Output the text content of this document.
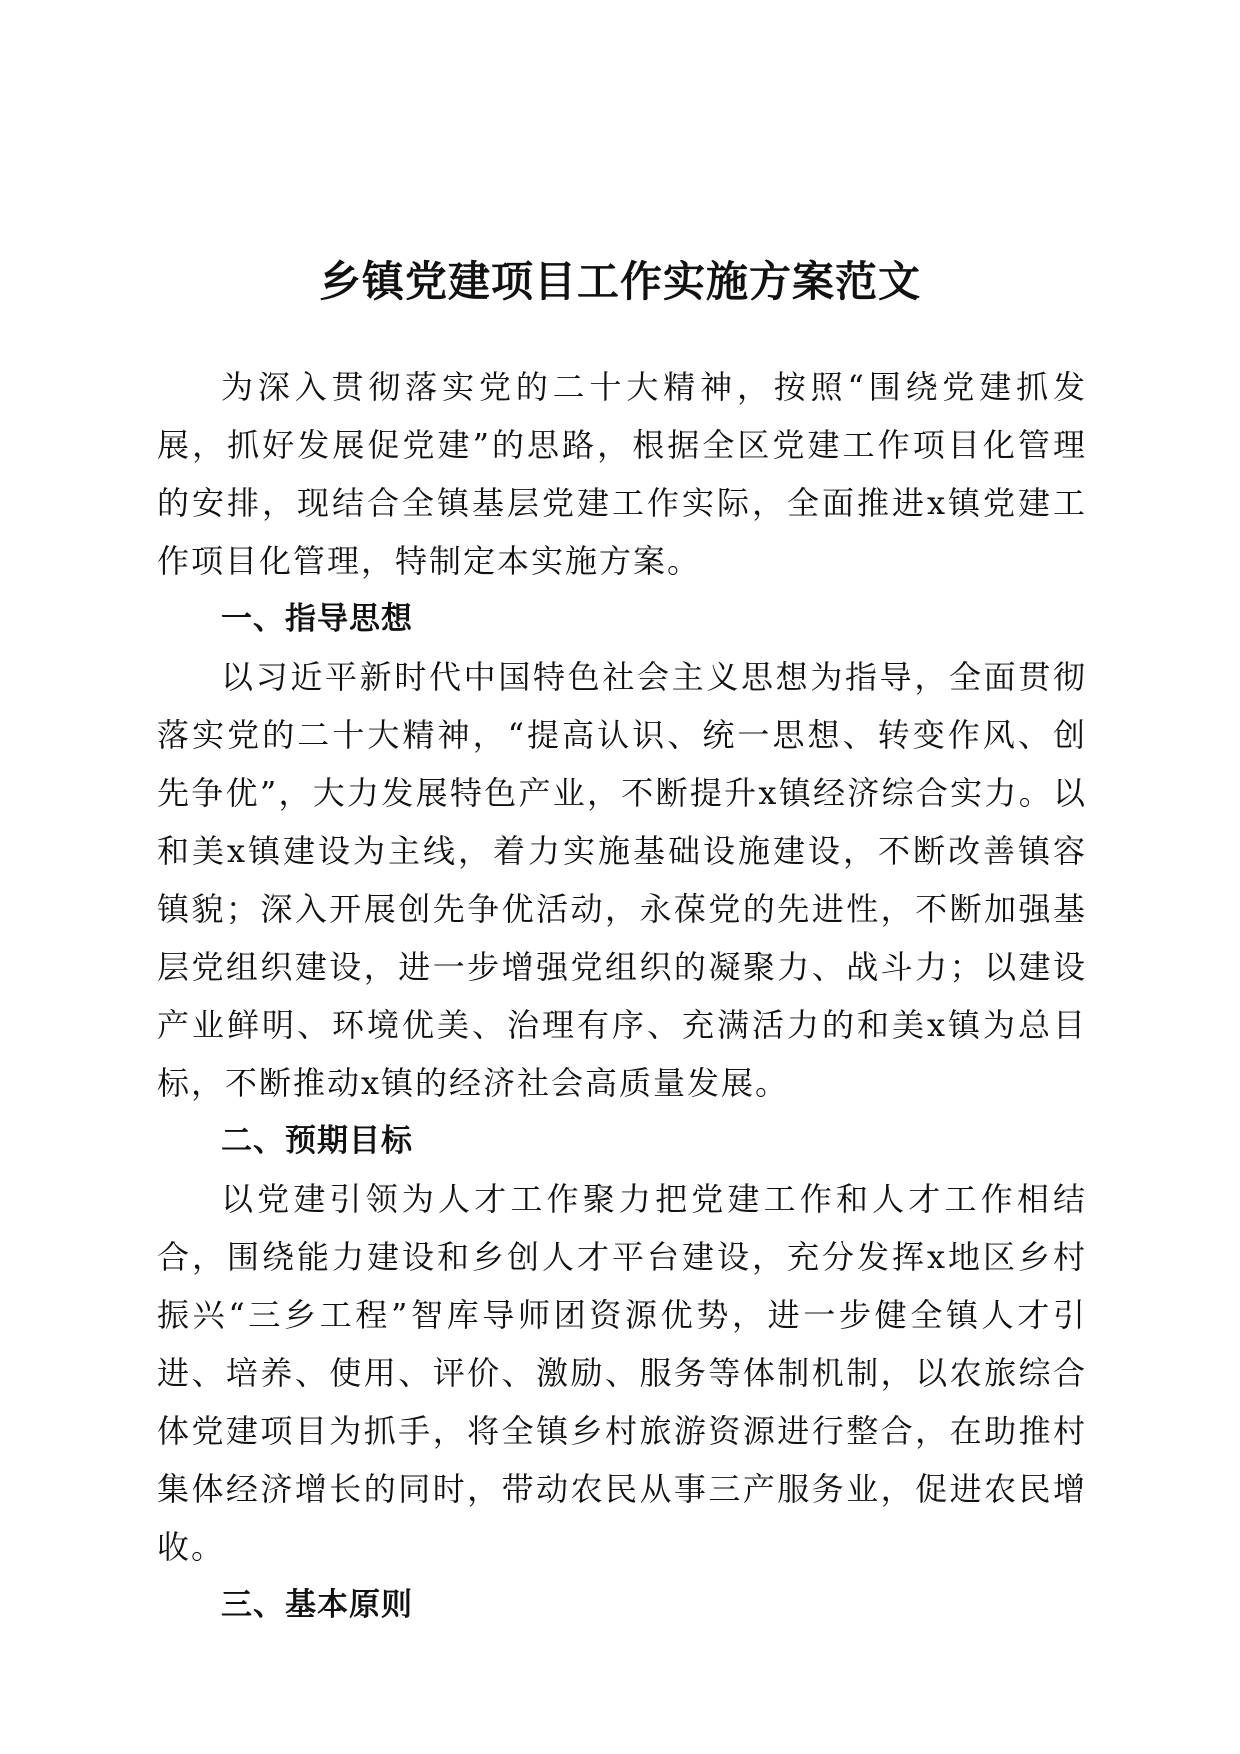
乡镇党建项目工作实施方案范文

为深入贯彻落实党的二十大精神，按照“围绕党建抓发展，抓好发展促党建”的思路，根据全区党建工作项目化管理的安排，现结合全镇基层党建工作实际，全面推进x镇党建工作项目化管理，特制定本实施方案。

一、指导思想

以习近平新时代中国特色社会主义思想为指导，全面贯彻落实党的二十大精神，“提高认识、统一思想、转变作风、创先争优”，大力发展特色产业，不断提升x镇经济综合实力。以和美x镇建设为主线，着力实施基础设施建设，不断改善镇容镇貌；深入开展创先争优活动，永葆党的先进性，不断加强基层党组织建设，进一步增强党组织的凝聚力、战斗力；以建设产业鲜明、环境优美、治理有序、充满活力的和美x镇为总目标，不断推动x镇的经济社会高质量发展。

二、预期目标

以党建引领为人才工作聚力把党建工作和人才工作相结合，围绕能力建设和乡创人才平台建设，充分发挥x地区乡村振兴“三乡工程”智库导师团资源优势，进一步健全镇人才引进、培养、使用、评价、激励、服务等体制机制，以农旅综合体党建项目为抓手，将全镇乡村旅游资源进行整合，在助推村集体经济增长的同时，带动农民从事三产服务业，促进农民增收。

三、基本原则
